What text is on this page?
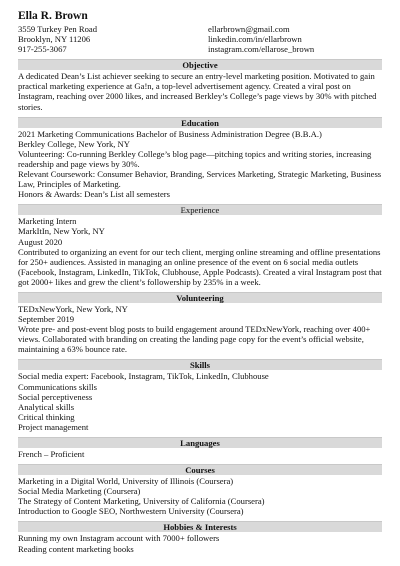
Ella R. Brown
3559 Turkey Pen Road
Brooklyn, NY 11206
917-255-3067
ellarbrown@gmail.com
linkedin.com/in/ellarbrown
instagram.com/ellarose_brown
Objective

A dedicated Dean’s List achiever seeking to secure an entry-level marketing position. Motivated to gain practical marketing experience at Ga!n, a top-level advertisement agency. Created a viral post on Instagram, reaching over 2000 likes, and increased Berkley’s College’s page views by 30% with pitched stories.

Education
2021 Marketing Communications Bachelor of Business Administration Degree (B.B.A.)
Berkley College, New York, NY

Volunteering: Co-running Berkley College’s blog page—pitching topics and writing stories, increasing readership and page views by 30%.

Relevant Coursework: Consumer Behavior, Branding, Services Marketing, Strategic Marketing, Business Law, Principles of Marketing.

Honors & Awards: Dean’s List all semesters
Experience
Marketing Intern
MarkItIn, New York, NY
August 2020

Contributed to organizing an event for our tech client, merging online streaming and offline presentations for 250+ audiences. Assisted in managing an online presence of the event on 6 social media outlets (Facebook, Instagram, LinkedIn, TikTok, Clubhouse, Apple Podcasts). Created a viral Instagram post that got 2000+ likes and grew the client’s followership by 235% in a week.

Volunteering
TEDxNewYork, New York, NY
September 2019

Wrote pre- and post-event blog posts to build engagement around TEDxNewYork, reaching over 400+ views. Collaborated with branding on creating the landing page copy for the event’s official website, maintaining a 63% bounce rate.

Skills
Social media expert: Facebook, Instagram, TikTok, LinkedIn, Clubhouse
Communications skills
Social perceptiveness
Analytical skills
Critical thinking
Project management
Languages
French – Proficient
Courses
Marketing in a Digital World, University of Illinois (Coursera)
Social Media Marketing (Coursera)
The Strategy of Content Marketing, University of California (Coursera)
Introduction to Google SEO, Northwestern University (Coursera)
Hobbies & Interests
Running my own Instagram account with 7000+ followers
Reading content marketing books
